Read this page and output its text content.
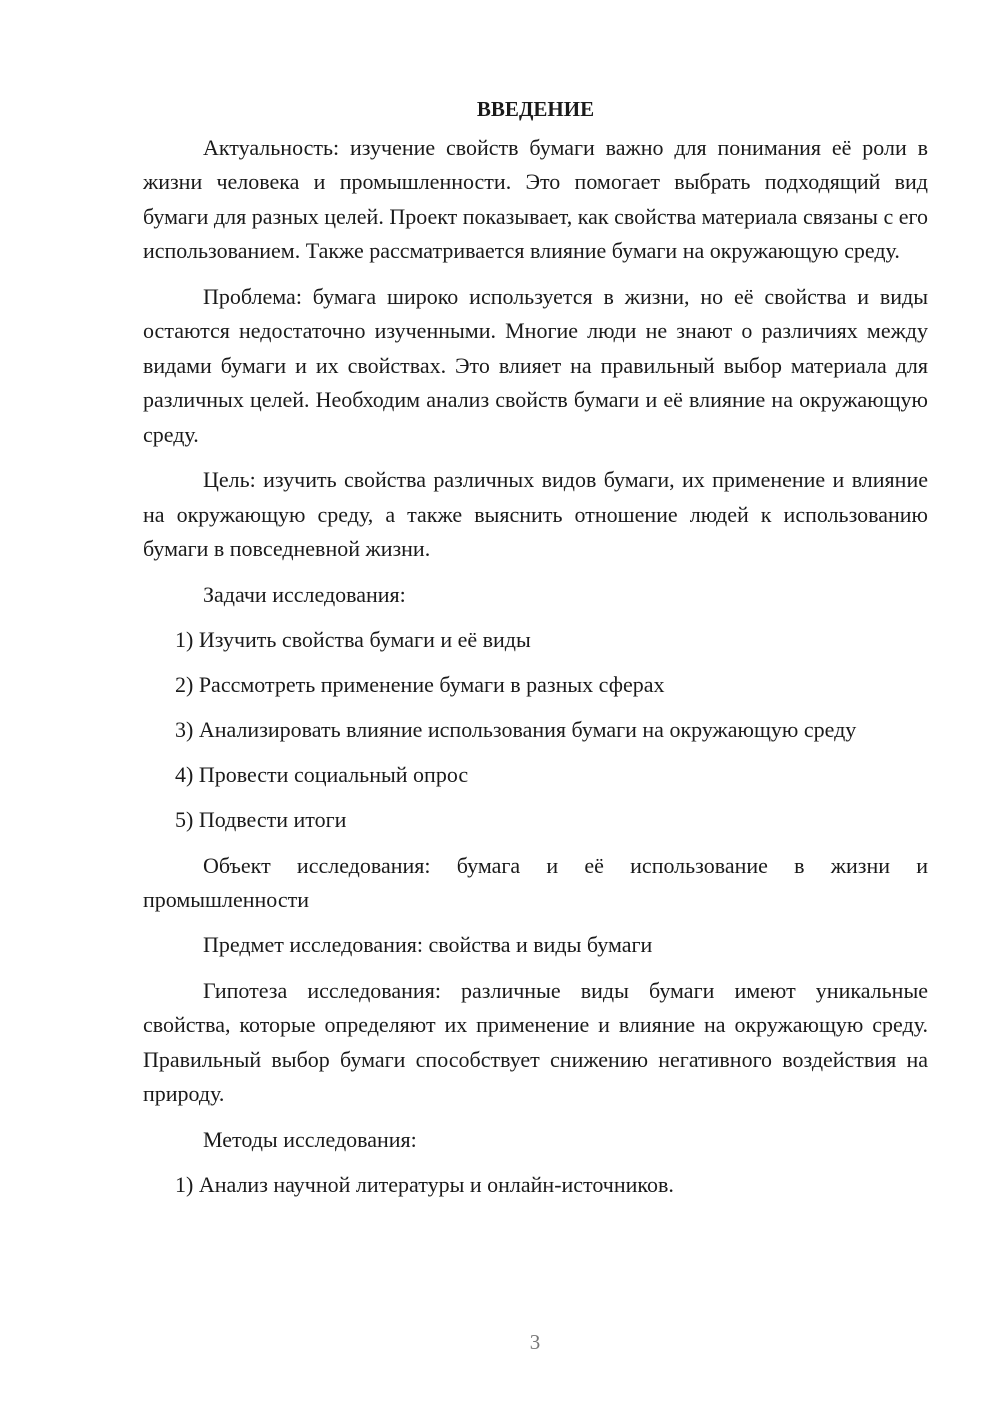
ВВЕДЕНИЕ

Актуальность: изучение свойств бумаги важно для понимания её роли в жизни человека и промышленности. Это помогает выбрать подходящий вид бумаги для разных целей. Проект показывает, как свойства материала связаны с его использованием. Также рассматривается влияние бумаги на окружающую среду.

Проблема: бумага широко используется в жизни, но её свойства и виды остаются недостаточно изученными. Многие люди не знают о различиях между видами бумаги и их свойствах. Это влияет на правильный выбор материала для различных целей. Необходим анализ свойств бумаги и её влияние на окружающую среду.

Цель: изучить свойства различных видов бумаги, их применение и влияние на окружающую среду, а также выяснить отношение людей к использованию бумаги в повседневной жизни.

Задачи исследования:

1) Изучить свойства бумаги и её виды

2) Рассмотреть применение бумаги в разных сферах

3) Анализировать влияние использования бумаги на окружающую среду

4) Провести социальный опрос

5) Подвести итоги

Объект исследования: бумага и её использование в жизни и промышленности

Предмет исследования: свойства и виды бумаги

Гипотеза исследования: различные виды бумаги имеют уникальные свойства, которые определяют их применение и влияние на окружающую среду. Правильный выбор бумаги способствует снижению негативного воздействия на природу.

Методы исследования:

1) Анализ научной литературы и онлайн-источников.

3
